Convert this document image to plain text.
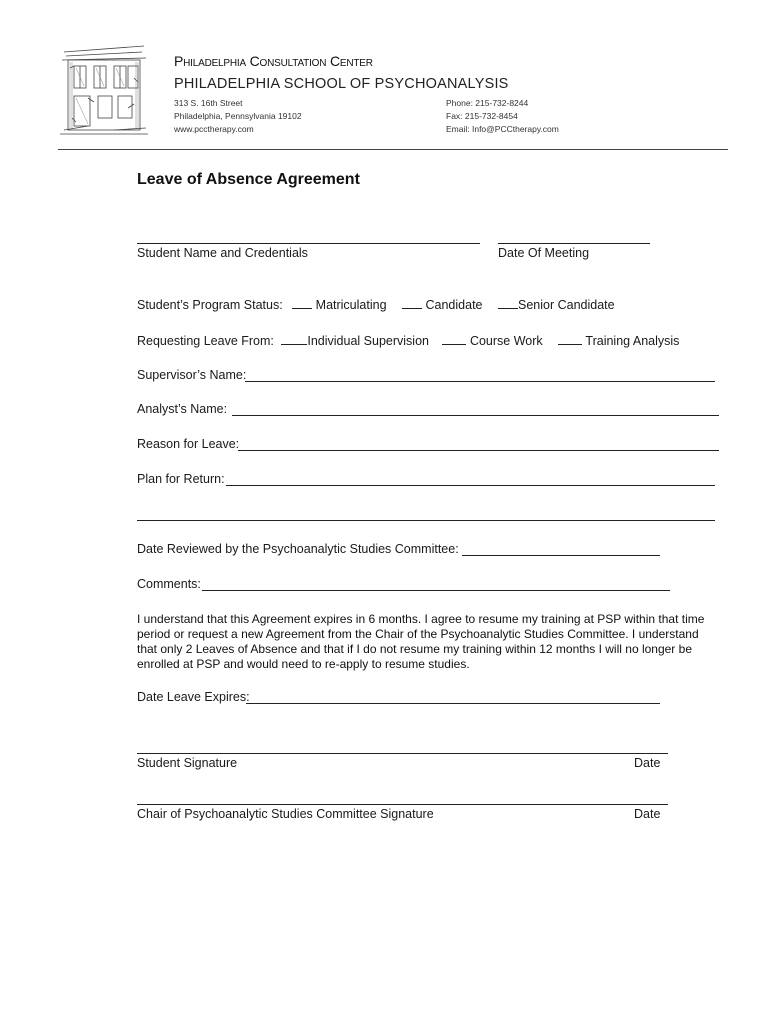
Philadelphia Consultation Center
PHILADELPHIA SCHOOL OF PSYCHOANALYSIS
313 S. 16th Street
Philadelphia, Pennsylvania 19102
www.pcctherapy.com
Phone: 215-732-8244
Fax: 215-732-8454
Email: Info@PCCtherapy.com
Leave of Absence Agreement
Student Name and Credentials	Date Of Meeting
Student’s Program Status:	Matriculating	Candidate	Senior Candidate
Requesting Leave From:	Individual Supervision	Course Work	Training Analysis
Supervisor’s Name:
Analyst’s Name:
Reason for Leave:
Plan for Return:
Date Reviewed by the Psychoanalytic Studies Committee:
Comments:
I understand that this Agreement expires in 6 months. I agree to resume my training at PSP within that time period or request a new Agreement from the Chair of the Psychoanalytic Studies Committee. I understand that only 2 Leaves of Absence and that if I do not resume my training within 12 months I will no longer be enrolled at PSP and would need to re-apply to resume studies.
Date Leave Expires:
Student Signature	Date
Chair of Psychoanalytic Studies Committee Signature	Date
